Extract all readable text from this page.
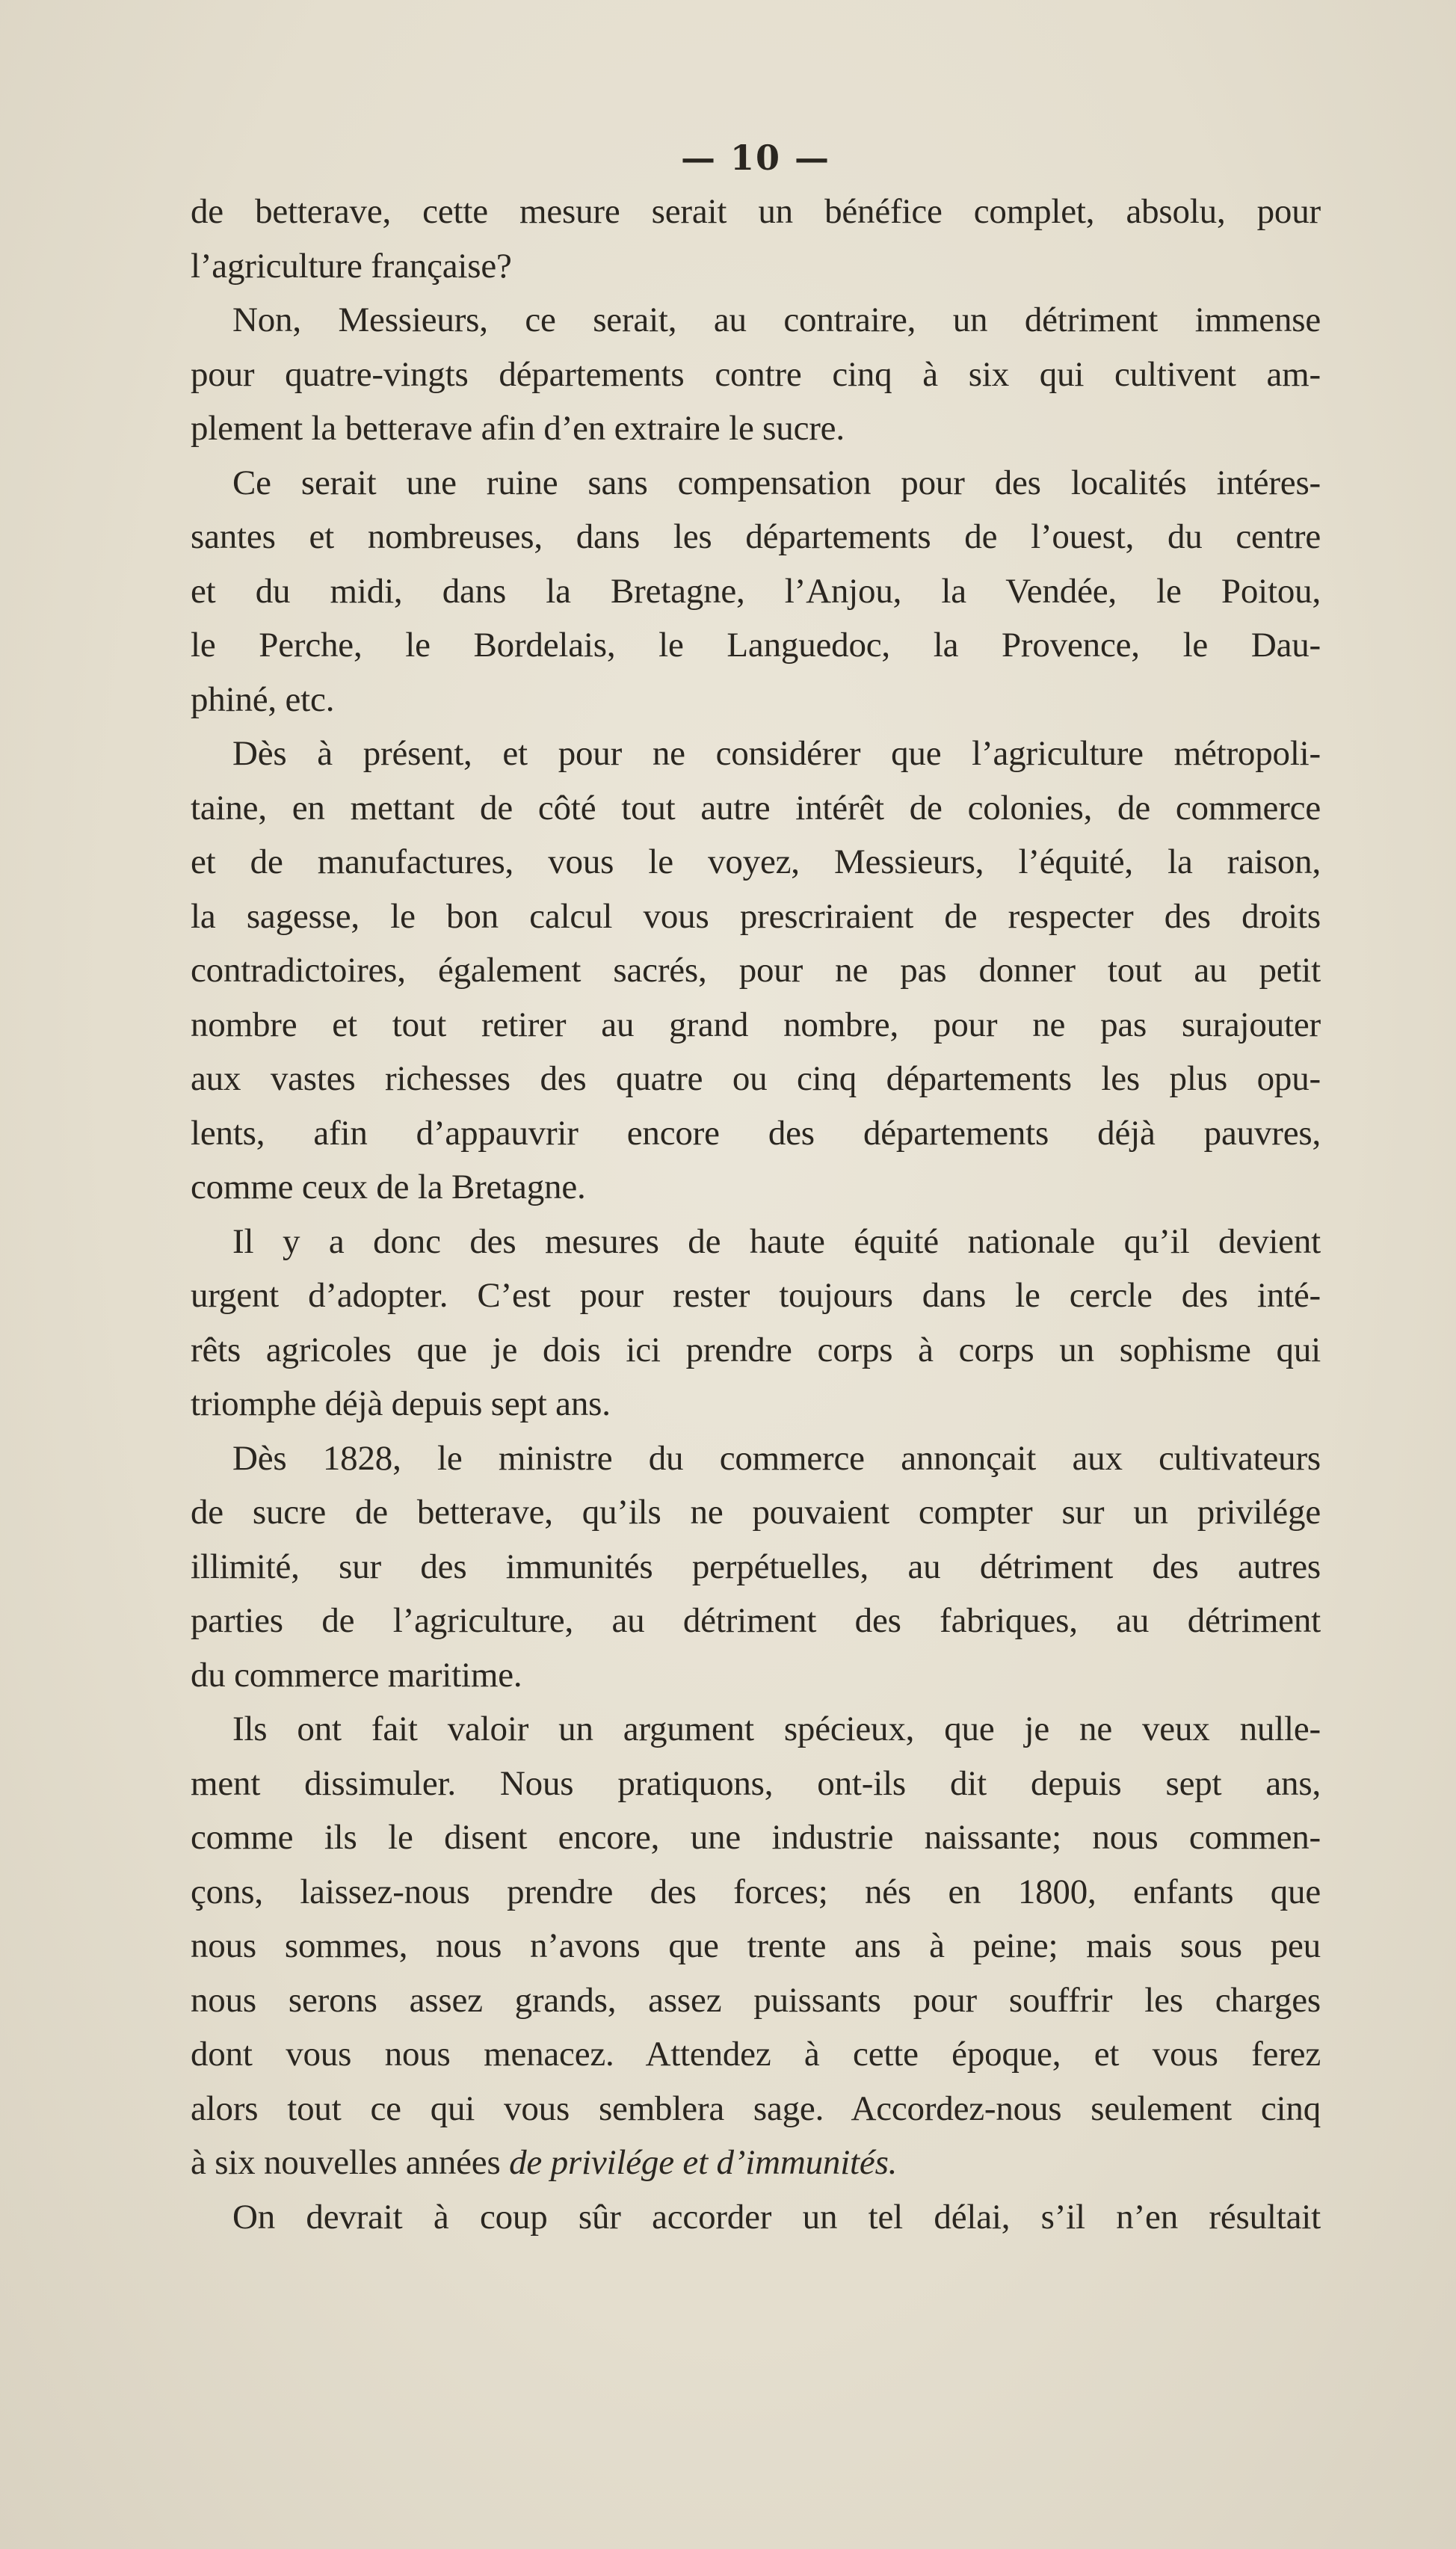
— 10 —
de betterave, cette mesure serait un bénéfice complet, absolu, pour
l’agriculture française?
Non, Messieurs, ce serait, au contraire, un détriment immense
pour quatre-vingts départements contre cinq à six qui cultivent am-
plement la betterave afin d’en extraire le sucre.
Ce serait une ruine sans compensation pour des localités intéres-
santes et nombreuses, dans les départements de l’ouest, du centre
et du midi, dans la Bretagne, l’Anjou, la Vendée, le Poitou,
le Perche, le Bordelais, le Languedoc, la Provence, le Dau-
phiné, etc.
Dès à présent, et pour ne considérer que l’agriculture métropoli-
taine, en mettant de côté tout autre intérêt de colonies, de commerce
et de manufactures, vous le voyez, Messieurs, l’équité, la raison,
la sagesse, le bon calcul vous prescriraient de respecter des droits
contradictoires, également sacrés, pour ne pas donner tout au petit
nombre et tout retirer au grand nombre, pour ne pas surajouter
aux vastes richesses des quatre ou cinq départements les plus opu-
lents, afin d’appauvrir encore des départements déjà pauvres,
comme ceux de la Bretagne.
Il y a donc des mesures de haute équité nationale qu’il devient
urgent d’adopter. C’est pour rester toujours dans le cercle des inté-
rêts agricoles que je dois ici prendre corps à corps un sophisme qui
triomphe déjà depuis sept ans.
Dès 1828, le ministre du commerce annonçait aux cultivateurs
de sucre de betterave, qu’ils ne pouvaient compter sur un privilége
illimité, sur des immunités perpétuelles, au détriment des autres
parties de l’agriculture, au détriment des fabriques, au détriment
du commerce maritime.
Ils ont fait valoir un argument spécieux, que je ne veux nulle-
ment dissimuler. Nous pratiquons, ont-ils dit depuis sept ans,
comme ils le disent encore, une industrie naissante; nous commen-
çons, laissez-nous prendre des forces; nés en 1800, enfants que
nous sommes, nous n’avons que trente ans à peine; mais sous peu
nous serons assez grands, assez puissants pour souffrir les charges
dont vous nous menacez. Attendez à cette époque, et vous ferez
alors tout ce qui vous semblera sage. Accordez-nous seulement cinq
à six nouvelles années de privilége et d’immunités.
On devrait à coup sûr accorder un tel délai, s’il n’en résultait
